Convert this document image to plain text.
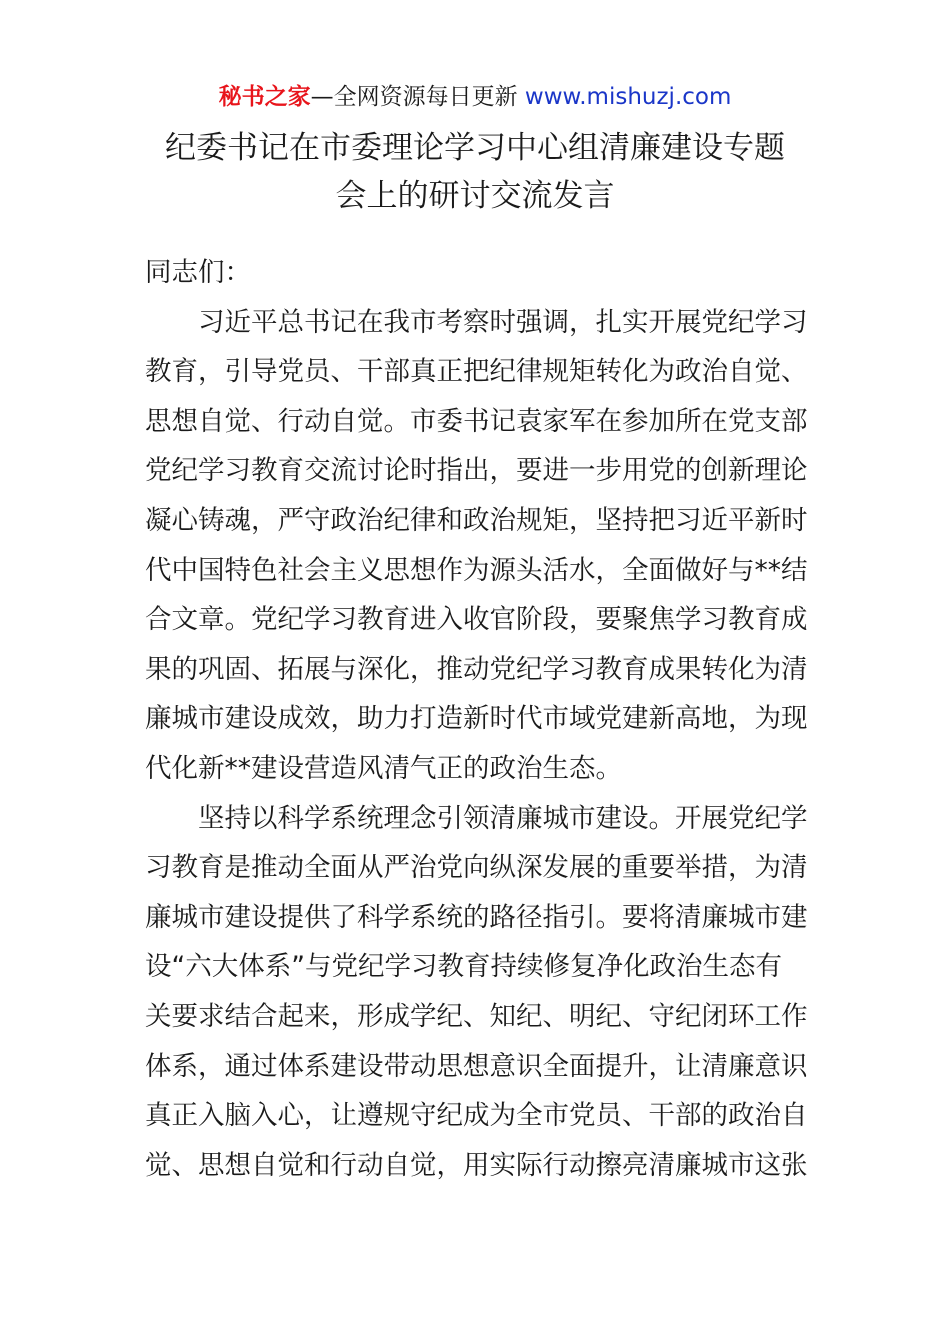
秘书之家—全网资源每日更新 www.mishuzj.com
纪委书记在市委理论学习中心组清廉建设专题
会上的研讨交流发言
同志们：
习近平总书记在我市考察时强调，扎实开展党纪学习
教育，引导党员、干部真正把纪律规矩转化为政治自觉、
思想自觉、行动自觉。市委书记袁家军在参加所在党支部
党纪学习教育交流讨论时指出，要进一步用党的创新理论
凝心铸魂，严守政治纪律和政治规矩，坚持把习近平新时
代中国特色社会主义思想作为源头活水，全面做好与**结
合文章。党纪学习教育进入收官阶段，要聚焦学习教育成
果的巩固、拓展与深化，推动党纪学习教育成果转化为清
廉城市建设成效，助力打造新时代市域党建新高地，为现
代化新**建设营造风清气正的政治生态。
坚持以科学系统理念引领清廉城市建设。开展党纪学
习教育是推动全面从严治党向纵深发展的重要举措，为清
廉城市建设提供了科学系统的路径指引。要将清廉城市建
设“六大体系”与党纪学习教育持续修复净化政治生态有
关要求结合起来，形成学纪、知纪、明纪、守纪闭环工作
体系，通过体系建设带动思想意识全面提升，让清廉意识
真正入脑入心，让遵规守纪成为全市党员、干部的政治自
觉、思想自觉和行动自觉，用实际行动擦亮清廉城市这张
